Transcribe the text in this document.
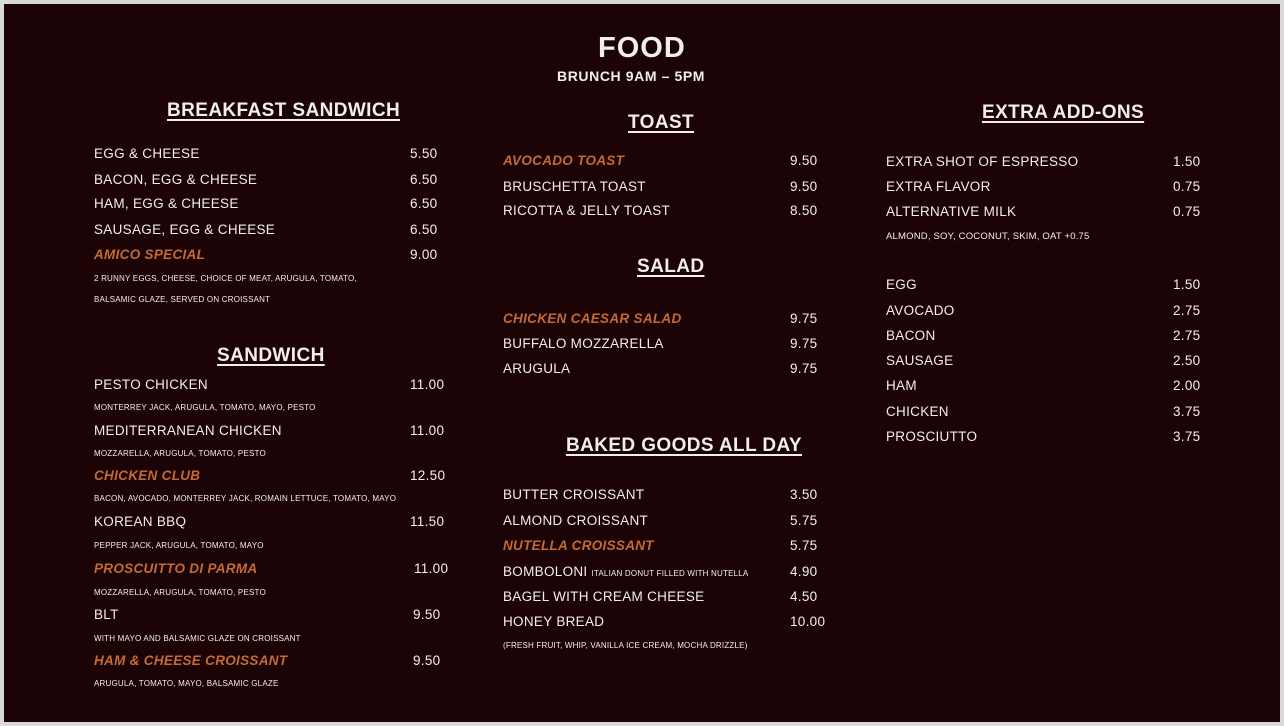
FOOD
BRUNCH 9AM – 5PM
BREAKFAST SANDWICH
EGG & CHEESE	5.50
BACON, EGG & CHEESE	6.50
HAM, EGG & CHEESE	6.50
SAUSAGE, EGG & CHEESE	6.50
AMICO SPECIAL	9.00
2 RUNNY EGGS, CHEESE, CHOICE OF MEAT, ARUGULA, TOMATO,
BALSAMIC GLAZE, SERVED ON CROISSANT
SANDWICH
PESTO CHICKEN	11.00
MONTERREY JACK, ARUGULA, TOMATO, MAYO, PESTO
MEDITERRANEAN CHICKEN	11.00
MOZZARELLA, ARUGULA, TOMATO, PESTO
CHICKEN CLUB	12.50
BACON, AVOCADO, MONTERREY JACK, ROMAIN LETTUCE, TOMATO, MAYO
KOREAN BBQ	11.50
PEPPER JACK, ARUGULA, TOMATO, MAYO
PROSCUITTO DI PARMA	11.00
MOZZARELLA, ARUGULA, TOMATO, PESTO
BLT	9.50
WITH MAYO AND BALSAMIC GLAZE ON CROISSANT
HAM & CHEESE CROISSANT	9.50
ARUGULA, TOMATO, MAYO, BALSAMIC GLAZE
TOAST
AVOCADO TOAST	9.50
BRUSCHETTA TOAST	9.50
RICOTTA & JELLY TOAST	8.50
SALAD
CHICKEN CAESAR SALAD	9.75
BUFFALO MOZZARELLA	9.75
ARUGULA	9.75
BAKED GOODS ALL DAY
BUTTER CROISSANT	3.50
ALMOND CROISSANT	5.75
NUTELLA CROISSANT	5.75
BOMBOLONI ITALIAN DONUT FILLED WITH NUTELLA	4.90
BAGEL WITH CREAM CHEESE	4.50
HONEY BREAD	10.00
(FRESH FRUIT, WHIP, VANILLA ICE CREAM, MOCHA DRIZZLE)
EXTRA ADD-ONS
EXTRA SHOT OF ESPRESSO	1.50
EXTRA FLAVOR	0.75
ALTERNATIVE MILK	0.75
ALMOND, SOY, COCONUT, SKIM, OAT +0.75
EGG	1.50
AVOCADO	2.75
BACON	2.75
SAUSAGE	2.50
HAM	2.00
CHICKEN	3.75
PROSCIUTTO	3.75
